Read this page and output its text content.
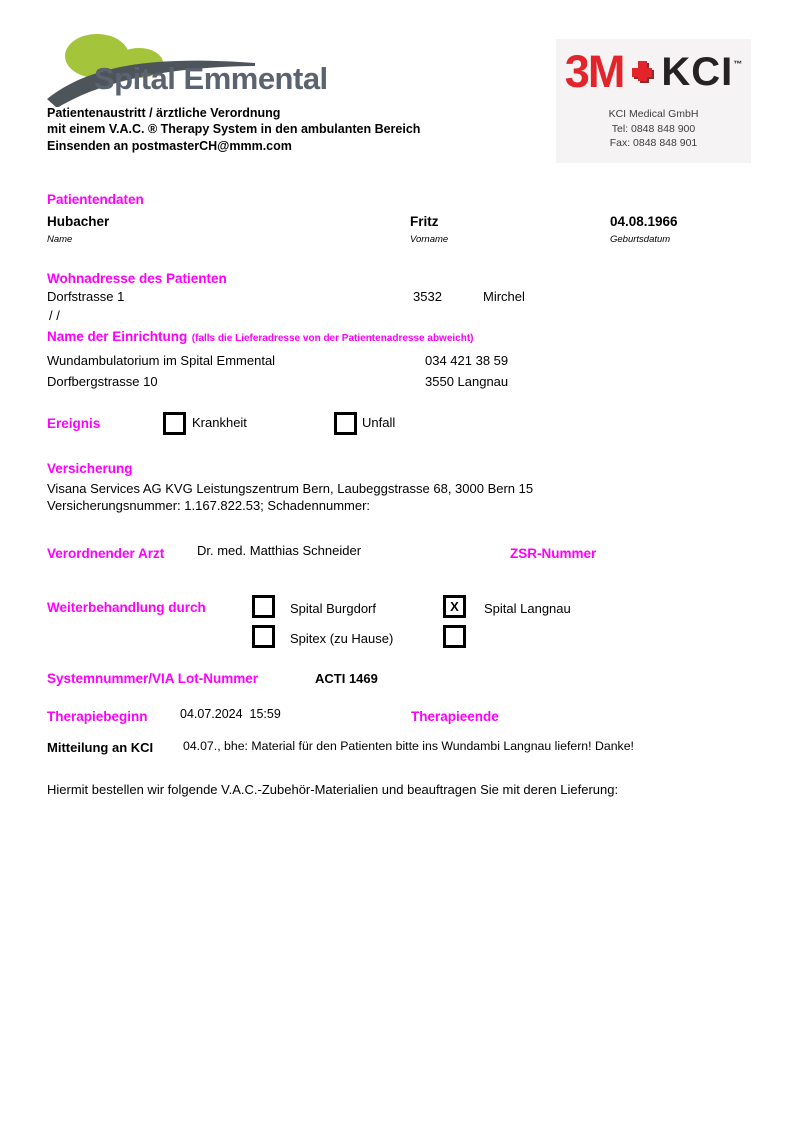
Spital Emmental
Patientenaustritt / ärztliche Verordnung
mit einem V.A.C. ® Therapy System in den ambulanten Bereich
Einsenden an postmasterCH@mmm.com
3M KCI™
KCI Medical GmbH
Tel: 0848 848 900
Fax: 0848 848 901
Patientendaten
Hubacher	Fritz	04.08.1966
Name	Vorname	Geburtsdatum
Wohnadresse des Patienten
Dorfstrasse 1	3532	Mirchel
/ /
Name der Einrichtung (falls die Lieferadresse von der Patientenadresse abweicht)
Wundambulatorium im Spital Emmental	034 421 38 59
Dorfbergstrasse 10	3550 Langnau
Ereignis	Krankheit	Unfall
Versicherung
Visana Services AG KVG Leistungszentrum Bern, Laubeggstrasse 68, 3000 Bern 15
Versicherungsnummer: 1.167.822.53; Schadennummer:
Verordnender Arzt	Dr. med. Matthias Schneider	ZSR-Nummer
Weiterbehandlung durch	Spital Burgdorf	X Spital Langnau
Spitex (zu Hause)
Systemnummer/VIA Lot-Nummer	ACTI 1469
Therapiebeginn	04.07.2024  15:59	Therapieende
Mitteilung an KCI 04.07., bhe: Material für den Patienten bitte ins Wundambi Langnau liefern! Danke!
Hiermit bestellen wir folgende V.A.C.-Zubehör-Materialien und beauftragen Sie mit deren Lieferung:
